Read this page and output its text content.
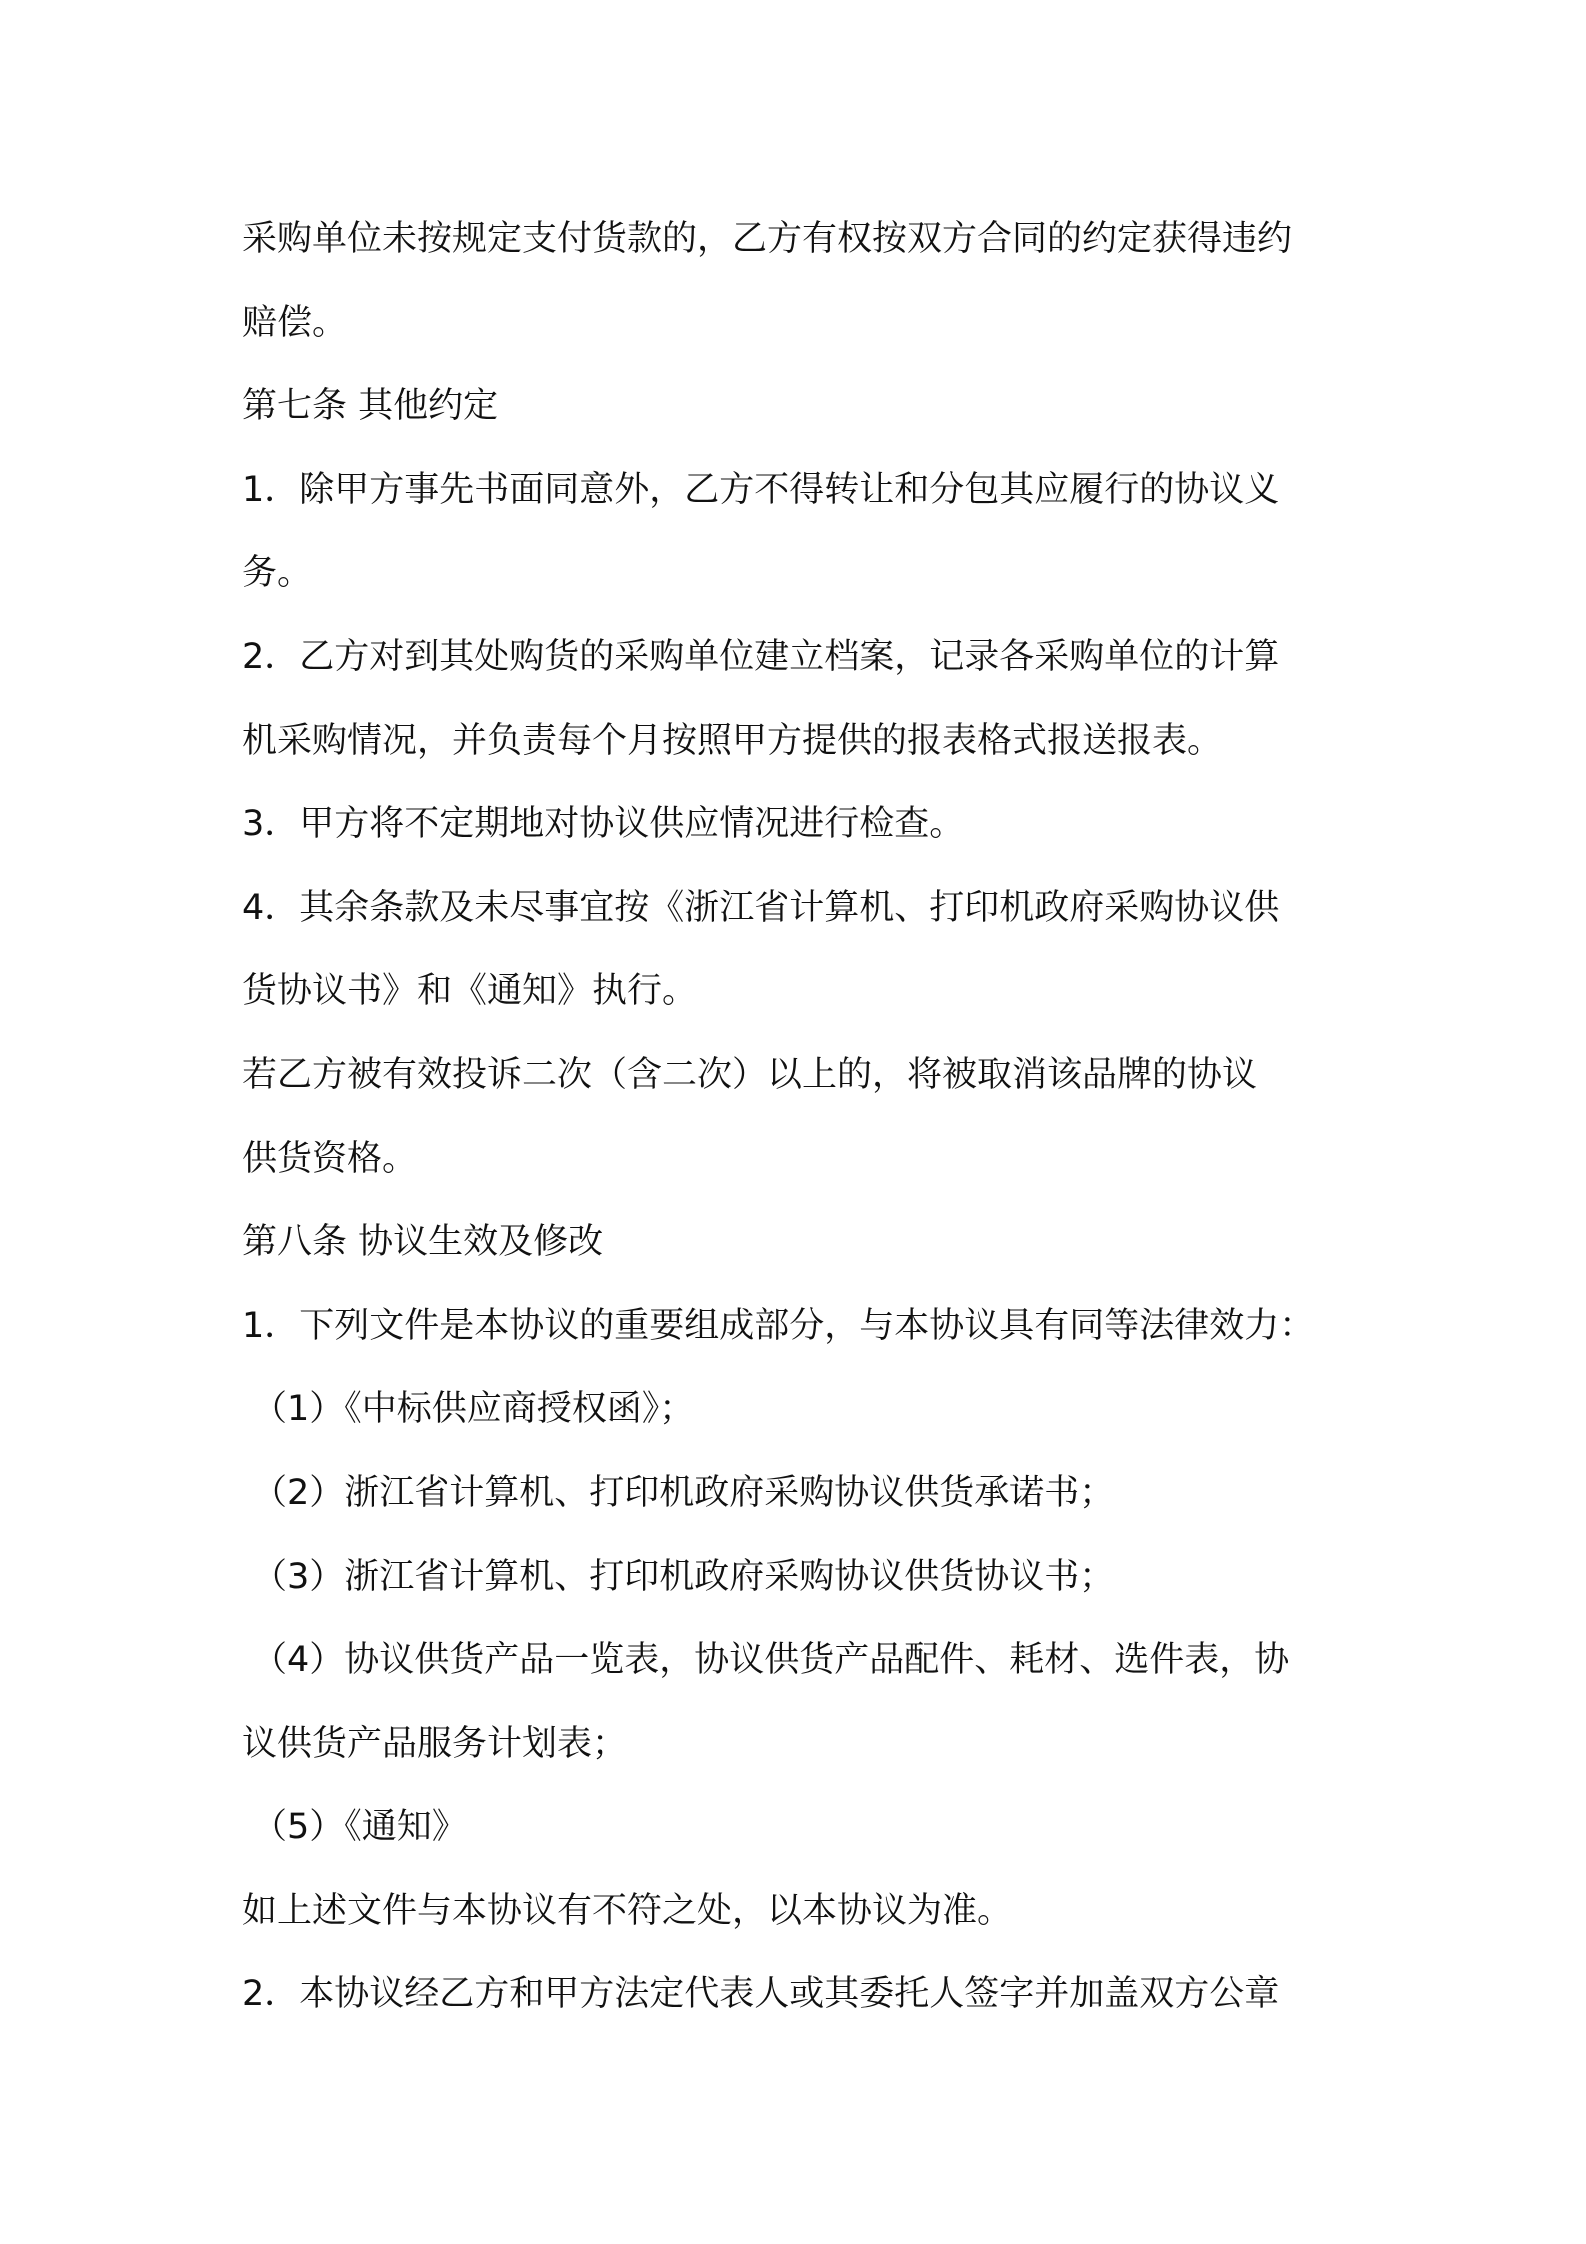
采购单位未按规定支付货款的，乙方有权按双方合同的约定获得违约

赔偿。

第七条 其他约定

1．除甲方事先书面同意外，乙方不得转让和分包其应履行的协议义

务。

2．乙方对到其处购货的采购单位建立档案，记录各采购单位的计算

机采购情况，并负责每个月按照甲方提供的报表格式报送报表。

3．甲方将不定期地对协议供应情况进行检查。

4．其余条款及未尽事宜按《浙江省计算机、打印机政府采购协议供

货协议书》和《通知》执行。

若乙方被有效投诉二次（含二次）以上的，将被取消该品牌的协议

供货资格。

第八条 协议生效及修改

1．下列文件是本协议的重要组成部分，与本协议具有同等法律效力：

（1）《中标供应商授权函》；

（2）浙江省计算机、打印机政府采购协议供货承诺书；

（3）浙江省计算机、打印机政府采购协议供货协议书；

（4）协议供货产品一览表，协议供货产品配件、耗材、选件表，协

议供货产品服务计划表；

（5）《通知》

如上述文件与本协议有不符之处，以本协议为准。

2．本协议经乙方和甲方法定代表人或其委托人签字并加盖双方公章
